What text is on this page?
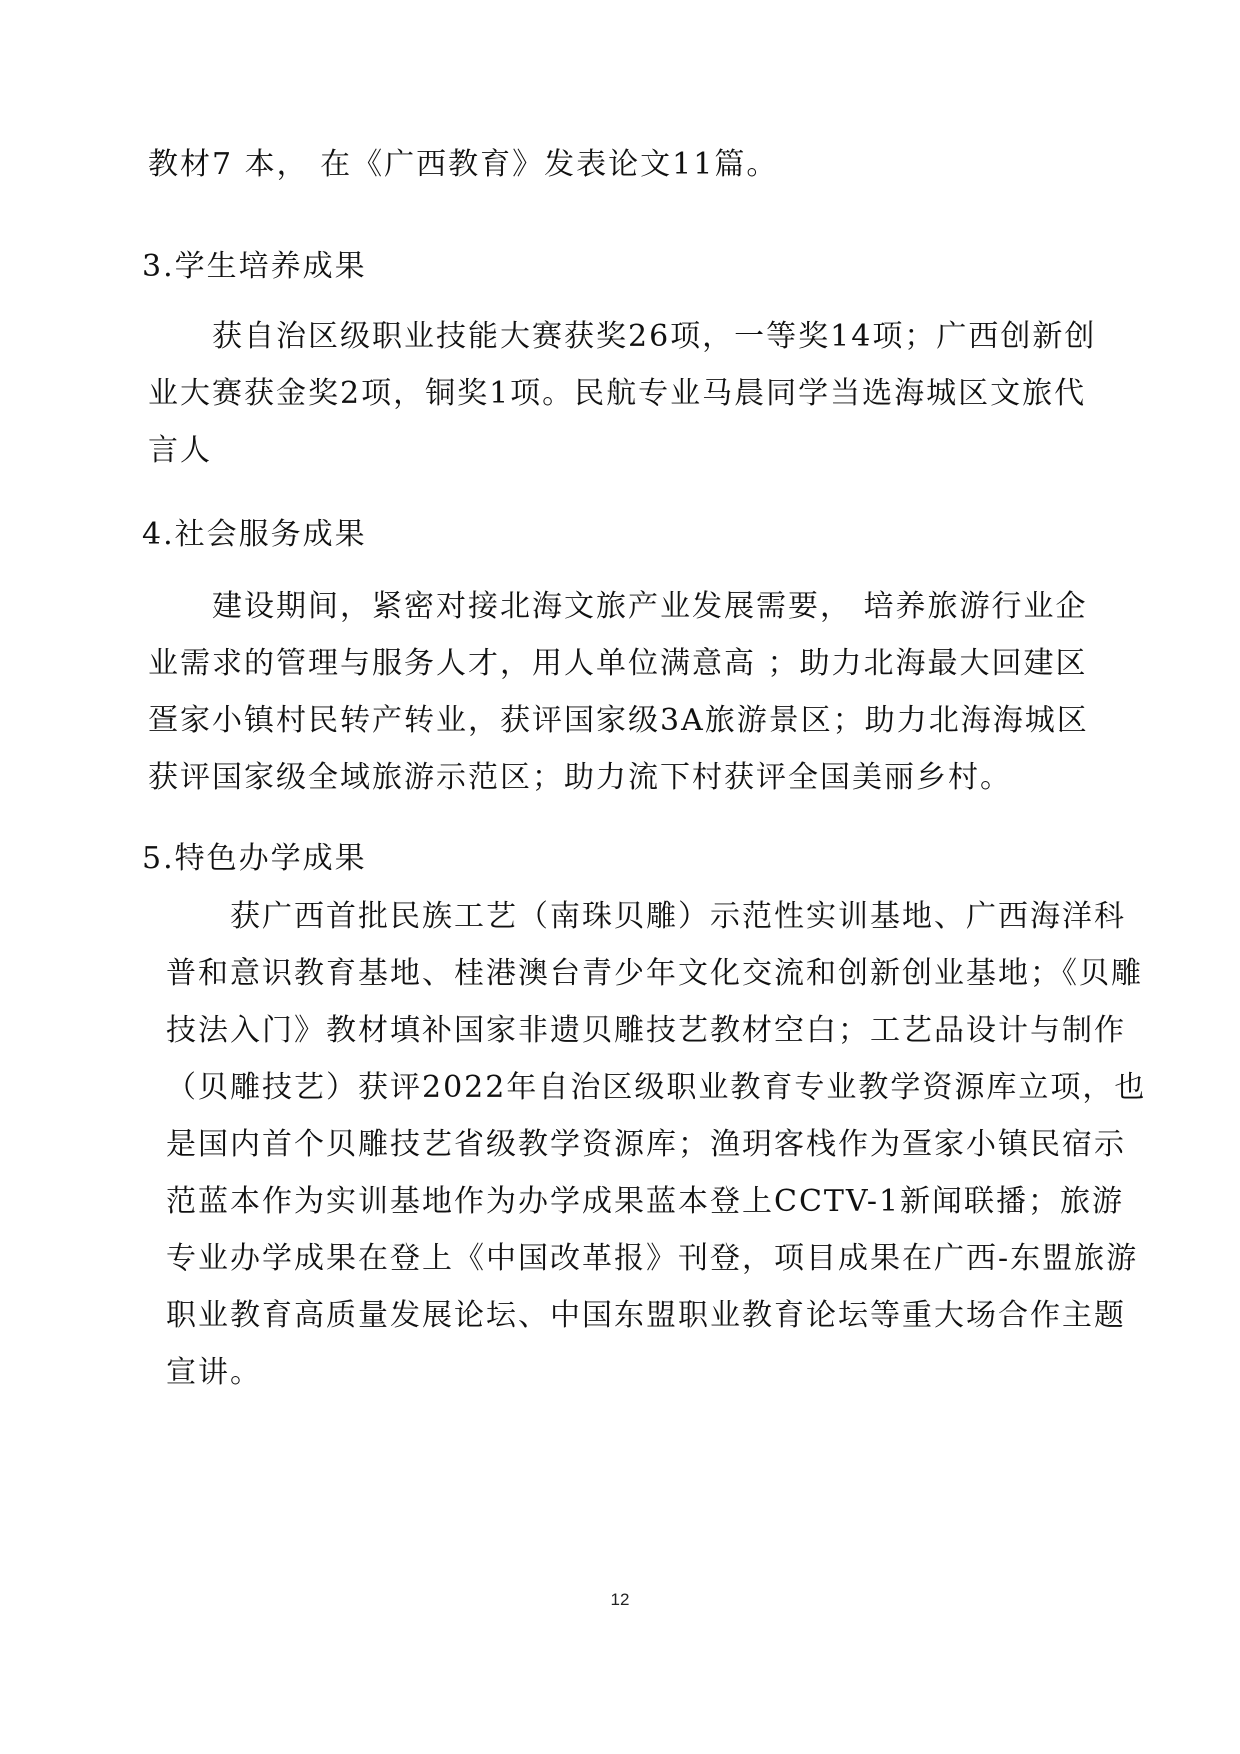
教材7 本， 在《广西教育》发表论文11篇。
3.学生培养成果
获自治区级职业技能大赛获奖26项，一等奖14项；广西创新创业大赛获金奖2项，铜奖1项。民航专业马晨同学当选海城区文旅代言人
4.社会服务成果
建设期间，紧密对接北海文旅产业发展需要， 培养旅游行业企业需求的管理与服务人才，用人单位满意高 ；助力北海最大回建区疍家小镇村民转产转业，获评国家级3A旅游景区；助力北海海城区获评国家级全域旅游示范区；助力流下村获评全国美丽乡村。
5.特色办学成果
获广西首批民族工艺（南珠贝雕）示范性实训基地、广西海洋科普和意识教育基地、桂港澳台青少年文化交流和创新创业基地；《贝雕技法入门》教材填补国家非遗贝雕技艺教材空白；工艺品设计与制作（贝雕技艺）获评2022年自治区级职业教育专业教学资源库立项，也是国内首个贝雕技艺省级教学资源库；渔玥客栈作为疍家小镇民宿示范蓝本作为实训基地作为办学成果蓝本登上CCTV-1新闻联播；旅游专业办学成果在登上《中国改革报》刊登，项目成果在广西-东盟旅游职业教育高质量发展论坛、中国东盟职业教育论坛等重大场合作主题宣讲。
12
